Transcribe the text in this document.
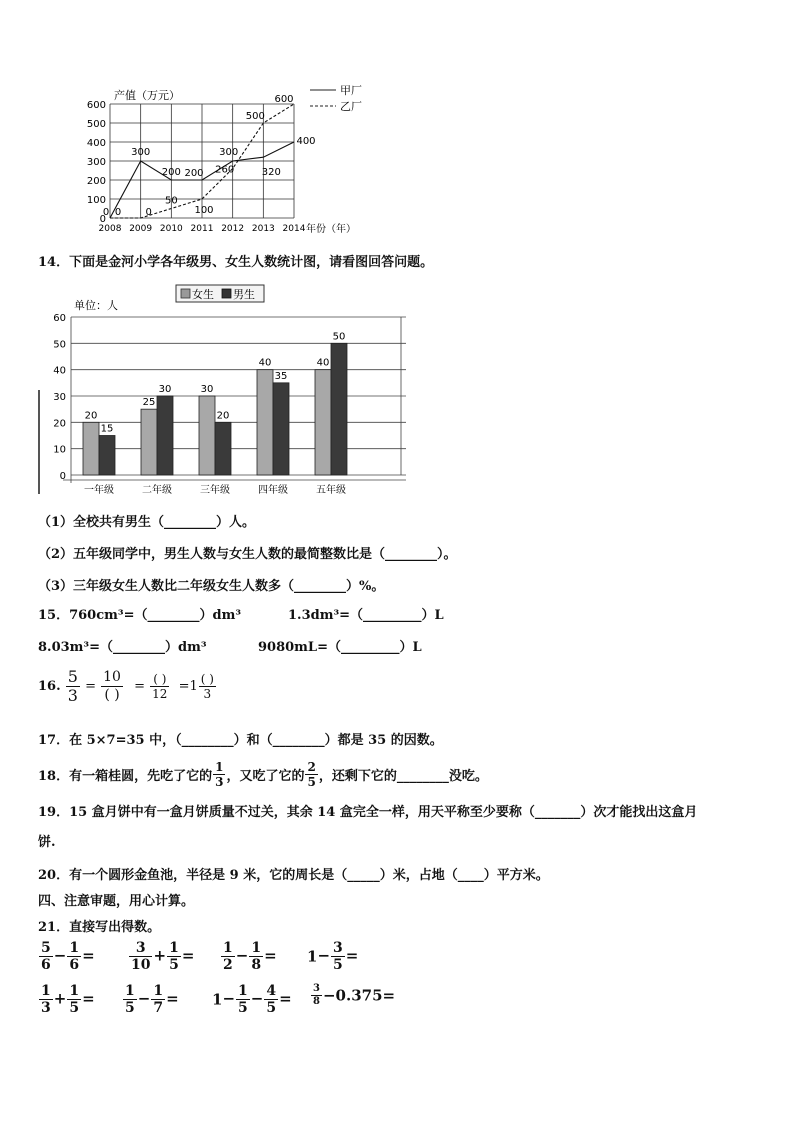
产值（万元）
0
100
200
300
400
500
600
2008 2009 2010 2011 2012 2013 2014
0
300
200 200
300
320
400
0 0
50
100
260
500
600
年份（年）
甲厂
乙厂
14．下面是金河小学各年级男、女生人数统计图，请看图回答问题。
单位：人
女生 男生
0
10
20
30
40
50
60
20
15
25
30	30
20
40
35
40
50
一年级	二年级	三年级	四年级	五年级
（1）全校共有男生（________）人。
（2）五年级同学中，男生人数与女生人数的最简整数比是（________）。
（3）三年级女生人数比二年级女生人数多（________）%。
15．760cm³=（________）dm³	1.3dm³=（_________）L
8.03m³=（________）dm³	9080mL=（_________）L
16. $\frac{5}{3} = \frac{10}{( )} = \frac{( )}{12} =1 \frac{( )}{3}$
17．在 5×7=35 中，（________）和（________）都是 35 的因数。
18．有一箱桂圆，先吃了它的 $\frac{1}{3}$ ，又吃了它的 $\frac{2}{5}$ ，还剩下它的________没吃。
19．15 盒月饼中有一盒月饼质量不过关，其余 14 盒完全一样，用天平称至少要称（_______）次才能找出这盒月
饼.
20．有一个圆形金鱼池，半径是 9 米，它的周长是（_____）米，占地（____）平方米。
四、注意审题，用心计算。
21．直接写出得数。
$\frac{5}{6} - \frac{1}{6} = \frac{3}{10} + \frac{1}{5} = \frac{1}{2} - \frac{1}{8} = 1- \frac{3}{5}$ =
$\frac{1}{3} + \frac{1}{5} = \frac{1}{5} - \frac{1}{7} = 1- \frac{1}{5} - \frac{4}{5} = \frac{3}{8} -0.375=$
